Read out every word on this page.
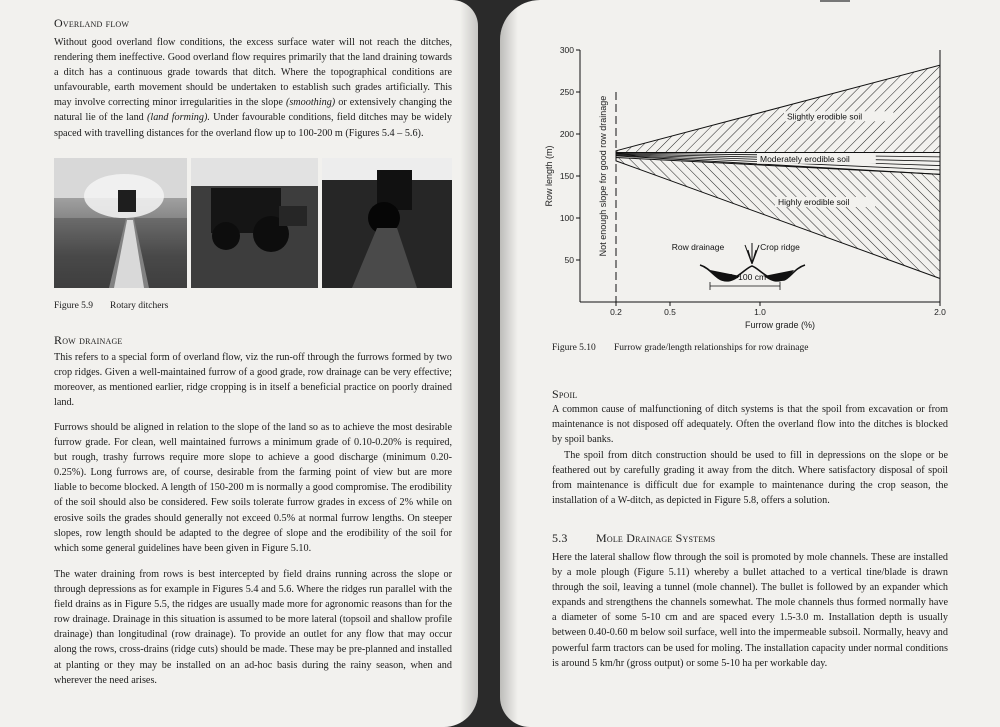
Overland flow

Without good overland flow conditions, the excess surface water will not reach the ditches, rendering them ineffective. Good overland flow requires primarily that the land draining towards a ditch has a continuous grade towards that ditch. Where the topographical conditions are unfavourable, earth movement should be undertaken to establish such grades artificially. This may involve correcting minor irregularities in the slope (smoothing) or extensively changing the natural lie of the land (land forming). Under favourable conditions, field ditches may be widely spaced with travelling distances for the overland flow up to 100-200 m (Figures 5.4 – 5.6).

Figure 5.9 Rotary ditchers
Row drainage

This refers to a special form of overland flow, viz the run-off through the furrows formed by two crop ridges. Given a well-maintained furrow of a good grade, row drainage can be very effective; moreover, as mentioned earlier, ridge cropping is in itself a beneficial practice on poorly drained land.

Furrows should be aligned in relation to the slope of the land so as to achieve the most desirable furrow grade. For clean, well maintained furrows a minimum grade of 0.10-0.20% is required, but rough, trashy furrows require more slope to achieve a good discharge (minimum 0.20-0.25%). Long furrows are, of course, desirable from the farming point of view but are more liable to become blocked. A length of 150-200 m is normally a good compromise. The erodibility of the soil should also be considered. Few soils tolerate furrow grades in excess of 2% while on erosive soils the grades should generally not exceed 0.5% at normal furrow lengths. On steeper slopes, row length should be adapted to the degree of slope and the erodibility of the soil for which some general guidelines have been given in Figure 5.10.

The water draining from rows is best intercepted by field drains running across the slope or through depressions as for example in Figures 5.4 and 5.6. Where the ridges run parallel with the field drains as in Figure 5.5, the ridges are usually made more for agronomic reasons than for the row drainage. Drainage in this situation is assumed to be more lateral (topsoil and shallow profile drainage) than longitudinal (row drainage). To provide an outlet for any flow that may occur along the rows, cross-drains (ridge cuts) should be made. These may be pre-planned and installed at planting or they may be installed on an ad-hoc basis during the rainy season, when and wherever the need arises.

50
100
150
200
250
300
0.2	0.5	1.0	2.0
Furrow grade (%)
Row length (m)	Not enough slope for good row drainage	Slightly erodible soil
Moderately erodible soil
Highly erodible soil
Row drainage	Crop ridge
80–100 cm
Figure 5.10 Furrow grade/length relationships for row drainage
Spoil

A common cause of malfunctioning of ditch systems is that the spoil from excavation or from maintenance is not disposed off adequately. Often the overland flow into the ditches is blocked by spoil banks.

The spoil from ditch construction should be used to fill in depressions on the slope or be feathered out by carefully grading it away from the ditch. Where satisfactory disposal of spoil from maintenance is difficult due for example to maintenance during the crop season, the installation of a W-ditch, as depicted in Figure 5.8, offers a solution.

5.3 Mole Drainage Systems

Here the lateral shallow flow through the soil is promoted by mole channels. These are installed by a mole plough (Figure 5.11) whereby a bullet attached to a vertical tine/blade is drawn through the soil, leaving a tunnel (mole channel). The bullet is followed by an expander which expands and strengthens the channels somewhat. The mole channels thus formed normally have a diameter of some 5-10 cm and are spaced every 1.5-3.0 m. Installation depth is usually between 0.40-0.60 m below soil surface, well into the impermeable subsoil. Normally, heavy and powerful farm tractors can be used for moling. The installation capacity under normal conditions is around 5 km/hr (gross output) or some 5-10 ha per workable day.
